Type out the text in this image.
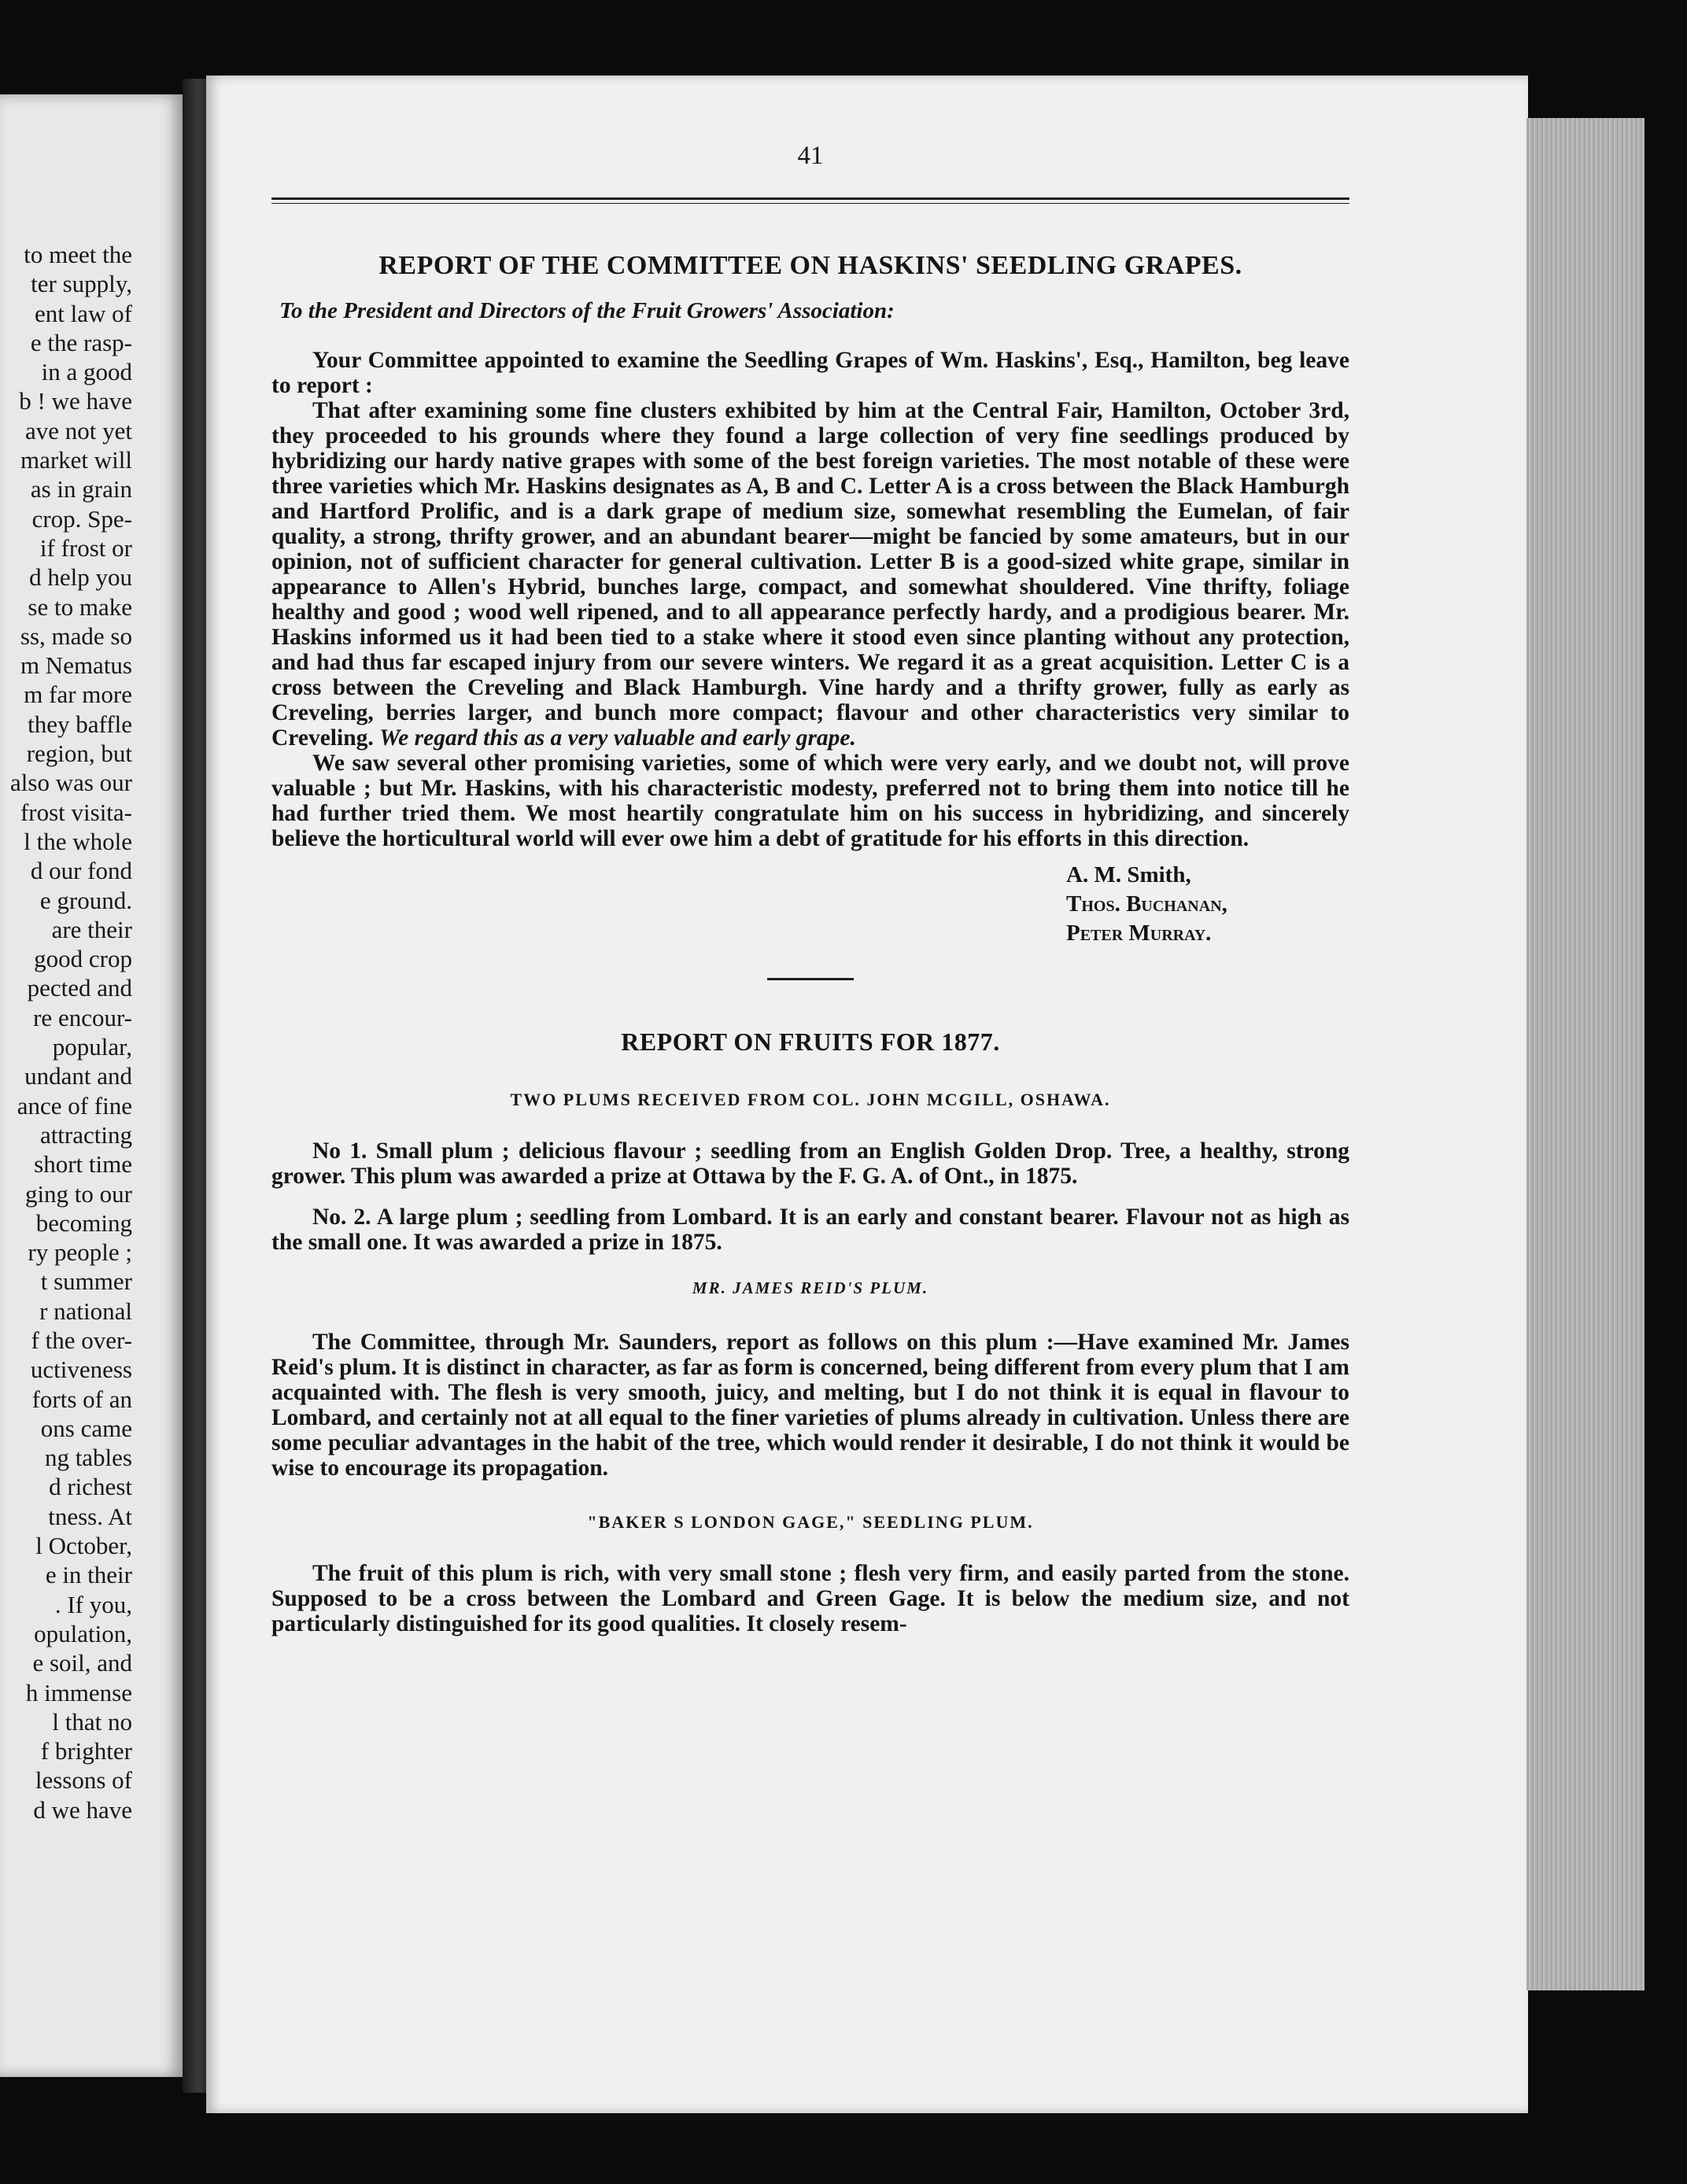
to meet the
ter supply,
ent law of
e the rasp-
in a good
b ! we have
ave not yet
market will
as in grain
crop. Spe-
if frost or
d help you
se to make
ss, made so
m Nematus
m far more
they baffle
region, but
also was our
frost visita-
l the whole
d our fond
e ground.
are their
good crop
pected and
re encour-
popular,
undant and
ance of fine
attracting
short time
ging to our
becoming
ry people ;
t summer
r national
f the over-
uctiveness
forts of an
ons came
ng tables
d richest
tness. At
l October,
e in their
. If you,
opulation,
e soil, and
h immense
l that no
f brighter
lessons of
d we have
41
REPORT OF THE COMMITTEE ON HASKINS' SEEDLING GRAPES.
To the President and Directors of the Fruit Growers' Association:

Your Committee appointed to examine the Seedling Grapes of Wm. Haskins', Esq., Hamilton, beg leave to report :

That after examining some fine clusters exhibited by him at the Central Fair, Hamilton, October 3rd, they proceeded to his grounds where they found a large collection of very fine seedlings produced by hybridizing our hardy native grapes with some of the best foreign varieties. The most notable of these were three varieties which Mr. Haskins designates as A, B and C. Letter A is a cross between the Black Hamburgh and Hartford Prolific, and is a dark grape of medium size, somewhat resembling the Eumelan, of fair quality, a strong, thrifty grower, and an abundant bearer—might be fancied by some amateurs, but in our opinion, not of sufficient character for general cultivation. Letter B is a good-sized white grape, similar in appearance to Allen's Hybrid, bunches large, compact, and somewhat shouldered. Vine thrifty, foliage healthy and good ; wood well ripened, and to all appearance perfectly hardy, and a prodigious bearer. Mr. Haskins informed us it had been tied to a stake where it stood even since planting without any protection, and had thus far escaped injury from our severe winters. We regard it as a great acquisition. Letter C is a cross between the Creveling and Black Hamburgh. Vine hardy and a thrifty grower, fully as early as Creveling, berries larger, and bunch more compact; flavour and other characteristics very similar to Creveling. We regard this as a very valuable and early grape.

We saw several other promising varieties, some of which were very early, and we doubt not, will prove valuable ; but Mr. Haskins, with his characteristic modesty, preferred not to bring them into notice till he had further tried them. We most heartily congratulate him on his success in hybridizing, and sincerely believe the horticultural world will ever owe him a debt of gratitude for his efforts in this direction.

A. M. Smith,
Thos. Buchanan,
Peter Murray.
REPORT ON FRUITS FOR 1877.
TWO PLUMS RECEIVED FROM COL. JOHN MCGILL, OSHAWA.

No 1. Small plum ; delicious flavour ; seedling from an English Golden Drop. Tree, a healthy, strong grower. This plum was awarded a prize at Ottawa by the F. G. A. of Ont., in 1875.

No. 2. A large plum ; seedling from Lombard. It is an early and constant bearer. Flavour not as high as the small one. It was awarded a prize in 1875.

MR. JAMES REID'S PLUM.

The Committee, through Mr. Saunders, report as follows on this plum :—Have examined Mr. James Reid's plum. It is distinct in character, as far as form is concerned, being different from every plum that I am acquainted with. The flesh is very smooth, juicy, and melting, but I do not think it is equal in flavour to Lombard, and certainly not at all equal to the finer varieties of plums already in cultivation. Unless there are some peculiar advantages in the habit of the tree, which would render it desirable, I do not think it would be wise to encourage its propagation.

"BAKER S LONDON GAGE," SEEDLING PLUM.

The fruit of this plum is rich, with very small stone ; flesh very firm, and easily parted from the stone. Supposed to be a cross between the Lombard and Green Gage. It is below the medium size, and not particularly distinguished for its good qualities. It closely resem-
